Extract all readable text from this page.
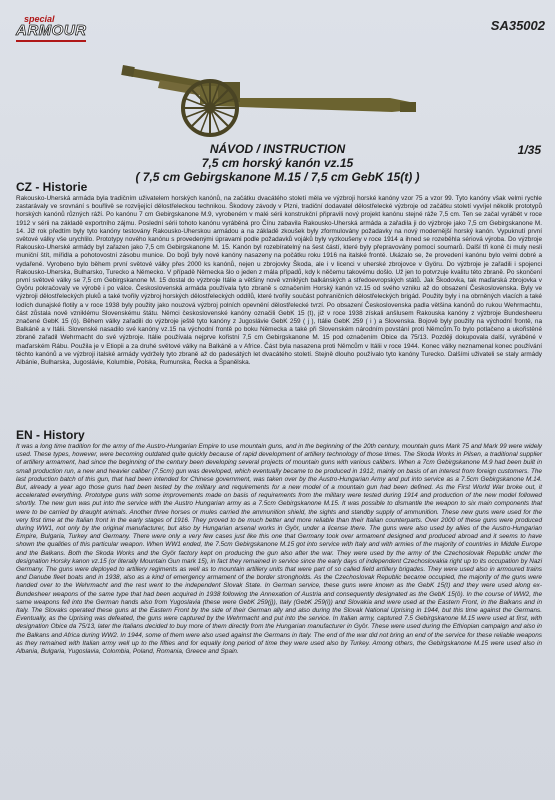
special
ARMOUR	SA35002
NÁVOD / INSTRUCTION
7,5 cm horský kanón vz.15
( 7,5 cm Gebirgskanone M.15 / 7,5 cm GebK 15(t) )
1/35
CZ - Historie
Rakousko-Uherská armáda byla tradičním uživatelem horských kanónů, na začátku dvacátého století měla ve výzbroji horské kanóny vzor 75 a vzor 99. Tyto kanóny však velmi rychle zastarávaly ve srovnání s bouřlivě se rozvíjející dělostřeleckou technikou. Škodovy závody v Plzni, tradiční dodavatel dělostřelecké výzbroje od začátku století vyvíjel několik prototypů horských kanónů různých ráží. Po kanónu 7 cm Gebirgskanone M.9, vyrobeném v malé sérii konstrukční připravili nový projekt kanónu stejné ráže 7,5 cm. Ten se začal vyrábět v roce 1912 v sérii na základě exportního zájmu. Poslední sérii tohoto kanónu vyráběná pro Čínu zabavila Rakousko-Uherská armáda a zařadila ji do výzbroje jako 7,5 cm Gebirgskanone M. 14. Již rok předtím byly tyto kanóny testovány Rakousko-Uherskou armádou a na základě zkoušek byly zformulovány požadavky na nový modernější horský kanón. Vypuknutí první světové války vše urychlilo. Prototypy nového kanónu s provedenými úpravami podle požadavků vojáků byly vyzkoušeny v roce 1914 a ihned se rozeběhla sériová výroba. Do výzbroje Rakousko-Uherské armády byl zařazen jako 7,5 cm Gebirgskanone M. 15. Kanón byl rozebíratelný na šest částí, které byly přepravovány pomocí soumarů. Další tři koně či muly nesli muniční štít, mířidla a pohotovostní zásobu munice. Do bojů byly nové kanóny nasazeny na počátku roku 1916 na italské frontě. Ukázalo se, že provedení kanónu bylo velmi dobré a vydařené. Vyrobeno bylo během první světové války přes 2000 ks kanónů, nejen u zbrojovky Škoda, ale i v licenci v uherské zbrojovce v Györu. Do výzbroje je zařadili i spojenci Rakousko-Uherska, Bulharsko, Turecko a Německo. V případě Německa šlo o jeden z mála případů, kdy k něčemu takovému došlo. Už jen to potvrzuje kvalitu této zbraně. Po skončení první světové války se 7,5 cm Gebirgskanone M. 15 dostal do výzbroje Itálie a většiny nově vzniklých balkánských a středoevropských států. Jak Škodovka, tak maďarská zbrojovka v Györu pokračovaly ve výrobě i po válce. Československá armáda používala tyto zbraně s označením Horský kanón vz.15 od svého vzniku až do obsazení Československa. Byly ve výzbroji dělostřeleckých pluků a také tvořily výzbroj horských dělostřeleckých oddílů, které tvořily součást pohraničních dělostřeleckých brigád. Použity byly i na obrněných vlacích a také lodích dunajské flotily a v roce 1938 byly použity jako nouzová výzbroj polních opevnění dělostřelecké tvrzí. Po obsazení Československa padla většina kanónů do rukou Wehrmachtu, část zůstala nově vzniklému Slovenskému štátu. Němci československé kanóny označili GebK 15 (t), již v roce 1938 získali anšlusem Rakouska kanóny z výzbroje Bundesheeru značené GebK 15 (ö). Během války zařadili do výzbroje ještě tyto kanóny z Jugoslávie GebK 259 ( j ), Itálie GebK 259 ( i ) a Slovenska. Bojově byly použity na východní frontě, na Balkáně a v Itálii. Slovenské nasadilo své kanóny vz.15 na východní frontě po boku Německa a také při Slovenském národním povstání proti Němcům.To bylo potlačeno a ukořistěné zbraně zařadil Wehrmacht do své výzbroje. Itálie používala nejprve kořistní 7,5 cm Gebirgskanone M. 15 pod označením Obice da 75/13. Později dokupovala další, vyráběné v maďarském Rábu. Použila je v Etiopii a za druhé světové války na Balkáně a v Africe. Část byla nasazena proti Němcům v Itálii v roce 1944. Konec války neznamenal konec používání těchto kanónů a ve výzbroji italské armády vydržely tyto zbraně až do padesátých let dvacátého století. Stejně dlouho používalo tyto kanóny Turecko. Dalšími uživateli se staly armády Albánie, Bulharska, Jugoslávie, Kolumbie, Polska, Rumunska, Řecka a Španělska.
EN - History
It was a long time tradition for the army of the Austro-Hungarian Empire to use mountain guns, and in the beginning of the 20th century, mountain guns Mark 75 and Mark 99 were widely used. These types, however, were becoming outdated quite quickly because of rapid development of artillery technology of those times. The Skoda Works in Pilsen, a traditional supplier of artillery armament, had since the beginning of the century been developing several projects of mountain guns with various calibers. When a 7cm Gebirgskanone M.9 had been built in small production run, a new and heavier caliber (7.5cm) gun was developed, which eventually became to be produced in 1912, mainly on basis of an interest from foreign customers. The last production batch of this gun, that had been intended for Chinese government, was taken over by the Austro-Hungarian Army and put into service as a 7.5cm Gebirgskanone M.14. But, already a year ago those guns had been tested by the military and requirements for a new model of a mountain gun had been defined. As the First World War broke out, it accelerated everything. Prototype guns with some improvements made on basis of requirements from the military were tested during 1914 and production of the new model followed shortly. The new gun was put into the service with the Austro Hungarian army as a 7.5cm Gebirgskanone M.15. It was possible to dismantle the weapon to six main components that were to be carried by draught animals. Another three horses or mules carried the ammunition shield, the sights and standby supply of ammunition. These new guns were used for the very first time at the Italian front in the early stages of 1916. They proved to be much better and more reliable than their Italian counterparts. Over 2000 of these guns were produced during WW1, not only by the original manufacturer, but also by Hungarian arsenal works in Györ, under a license there. The guns were also used by allies of the Austro-Hungarian Empire, Bulgaria, Turkey and Germany. There were only a very few cases just like this one that Germany took over armament designed and produced abroad and it seems to have shown the qualities of this particular weapon. When WW1 ended, the 7.5cm Gebirgskanone M.15 got into service with Italy and with armies of the majority of countries in Middle Europe and the Balkans. Both the Skoda Works and the Györ factory kept on producing the gun also after the war. They were used by the army of the Czechoslovak Republic under the designation Horsky kanon vz.15 (or literally Mountain Gun mark 15), in fact they remained in service since the early days of independent Czechoslovakia right up to its occupation by Nazi Germany. The guns were deployed to artillery regiments as well as to mountain artillery units that were part of so called field artillery brigades. They were used also in armoured trains and Danube fleet boats and in 1938, also as a kind of emergency armament of the border strongholds. As the Czechoslovak Republic became occupied, the majority of the guns were handed over to the Wehrmacht and the rest went to the independent Slovak State. In German service, these guns were known as the GebK 15(t) and they were used along ex-Bundesheer weapons of the same type that had been acquired in 1938 following the Annexation of Austria and consequently designated as the GebK 15(ö). In the course of WW2, the same weapons fell into the German hands also from Yugoslavia (these were GebK 259(j)), Italy (GebK 259(i)) and Slovakia and were used at the Eastern Front, in the Balkans and in Italy. The Slovaks operated these guns at the Eastern Front by the side of their German ally and also during the Slovak National Uprising in 1944, but this time against the Germans. Eventually, as the Uprising was defeated, the guns were captured by the Wehrmacht and put into the service. In Italian army, captured 7.5 Gebirgskanone M.15 were used at first, with designation Obice da 75/13, later the Italians decided to buy more of them directly from the Hungarian manufacturer in Györ. These were used during the Ethiopian campaign and also in the Balkans and Africa during WW2. In 1944, some of them were also used against the Germans in Italy. The end of the war did not bring an end of the service for these reliable weapons as they remained with Italian army well up to the fifties and for equally long period of time they were used also by Turkey. Among others, the Gebirgskanone M.15 were used also in Albania, Bulgaria, Yugoslavia, Colombia, Poland, Romania, Greece and Spain.
